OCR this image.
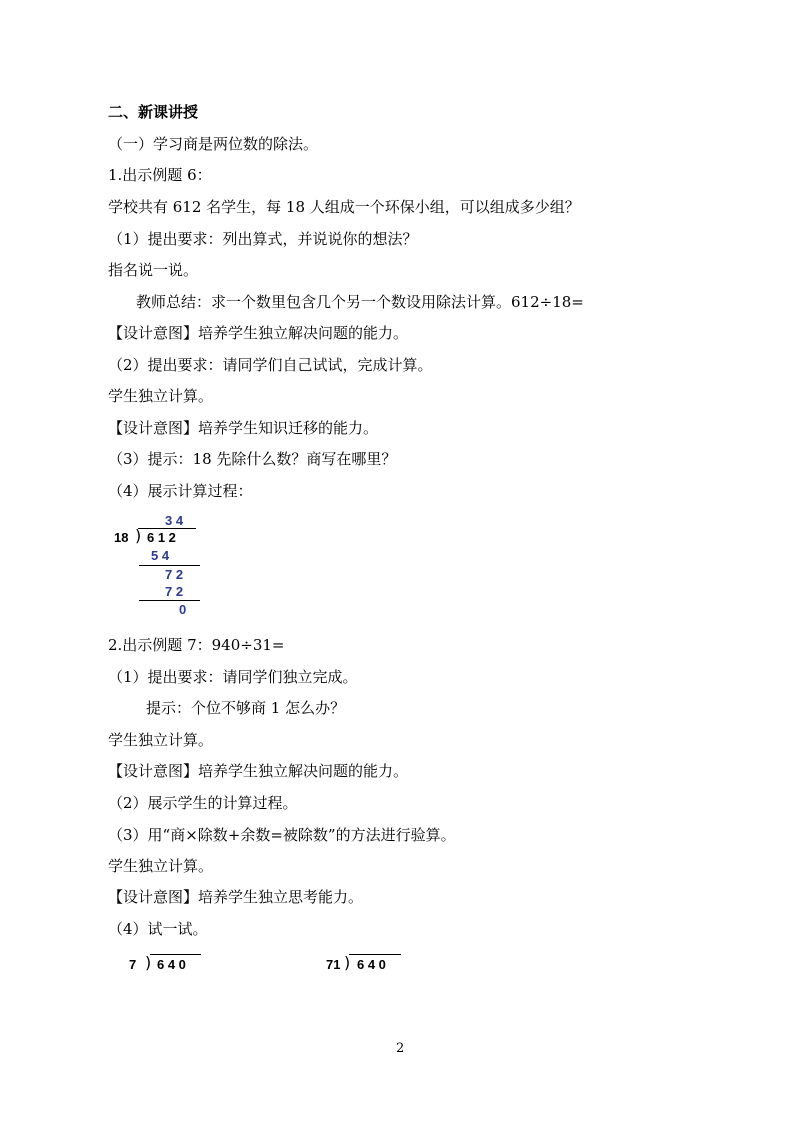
二、新课讲授
（一）学习商是两位数的除法。
1.出示例题 6：
学校共有 612 名学生，每 18 人组成一个环保小组，可以组成多少组？
（1）提出要求：列出算式，并说说你的想法？
指名说一说。
教师总结：求一个数里包含几个另一个数设用除法计算。612÷18=
【设计意图】培养学生独立解决问题的能力。
（2）提出要求：请同学们自己试试，完成计算。
学生独立计算。
【设计意图】培养学生知识迁移的能力。
（3）提示：18 先除什么数？商写在哪里？
（4）展示计算过程：
3 4
18 ) 6 1 2
5 4
7 2
7 2
0
2.出示例题 7：940÷31=
（1）提出要求：请同学们独立完成。
提示：个位不够商 1 怎么办？
学生独立计算。
【设计意图】培养学生独立解决问题的能力。
（2）展示学生的计算过程。
（3）用“商×除数+余数=被除数”的方法进行验算。
学生独立计算。
【设计意图】培养学生独立思考能力。
（4）试一试。
7 ) 6 4 0	71 ) 6 4 0
2
